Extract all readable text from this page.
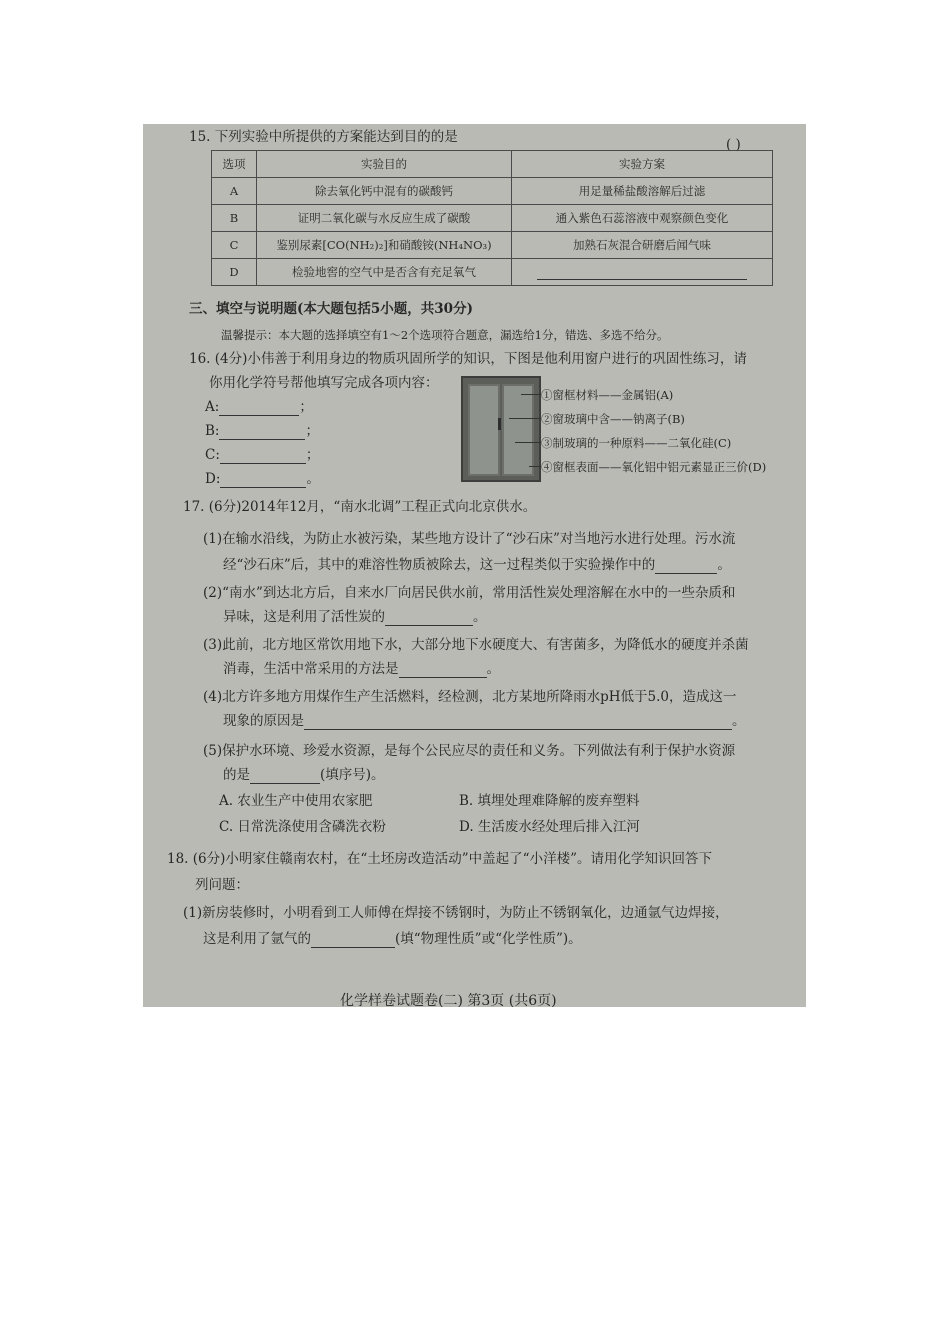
15. 下列实验中所提供的方案能达到目的的是	( )
选项	实验目的	实验方案
A	除去氧化钙中混有的碳酸钙	用足量稀盐酸溶解后过滤
B	证明二氧化碳与水反应生成了碳酸	通入紫色石蕊溶液中观察颜色变化
C	鉴别尿素[CO(NH₂)₂]和硝酸铵(NH₄NO₃)	加熟石灰混合研磨后闻气味
D	检验地窖的空气中是否含有充足氧气	
三、填空与说明题(本大题包括5小题，共30分)
温馨提示：本大题的选择填空有1～2个选项符合题意，漏选给1分，错选、多选不给分。
16. (4分)小伟善于利用身边的物质巩固所学的知识，下图是他利用窗户进行的巩固性练习，请
你用化学符号帮他填写完成各项内容：
A:	；
B:	；
C:	；
D:	。
①窗框材料——金属铝(A)
②窗玻璃中含——钠离子(B)
③制玻璃的一种原料——二氧化硅(C)
④窗框表面——氧化铝中铝元素显正三价(D)
17. (6分)2014年12月，“南水北调”工程正式向北京供水。
(1)在输水沿线，为防止水被污染，某些地方设计了“沙石床”对当地污水进行处理。污水流
经“沙石床”后，其中的难溶性物质被除去，这一过程类似于实验操作中的	。
(2)“南水”到达北方后，自来水厂向居民供水前，常用活性炭处理溶解在水中的一些杂质和
异味，这是利用了活性炭的	。
(3)此前，北方地区常饮用地下水，大部分地下水硬度大、有害菌多，为降低水的硬度并杀菌
消毒，生活中常采用的方法是	。
(4)北方许多地方用煤作生产生活燃料，经检测，北方某地所降雨水pH低于5.0，造成这一
现象的原因是	。
(5)保护水环境、珍爱水资源，是每个公民应尽的责任和义务。下列做法有利于保护水资源
的是	(填序号)。
A. 农业生产中使用农家肥	B. 填埋处理难降解的废弃塑料
C. 日常洗涤使用含磷洗衣粉	D. 生活废水经处理后排入江河
18. (6分)小明家住赣南农村，在“土坯房改造活动”中盖起了“小洋楼”。请用化学知识回答下
列问题：
(1)新房装修时，小明看到工人师傅在焊接不锈钢时，为防止不锈钢氧化，边通氩气边焊接，
这是利用了氩气的	(填“物理性质”或“化学性质”)。
化学样卷试题卷(二) 第3页 (共6页)
